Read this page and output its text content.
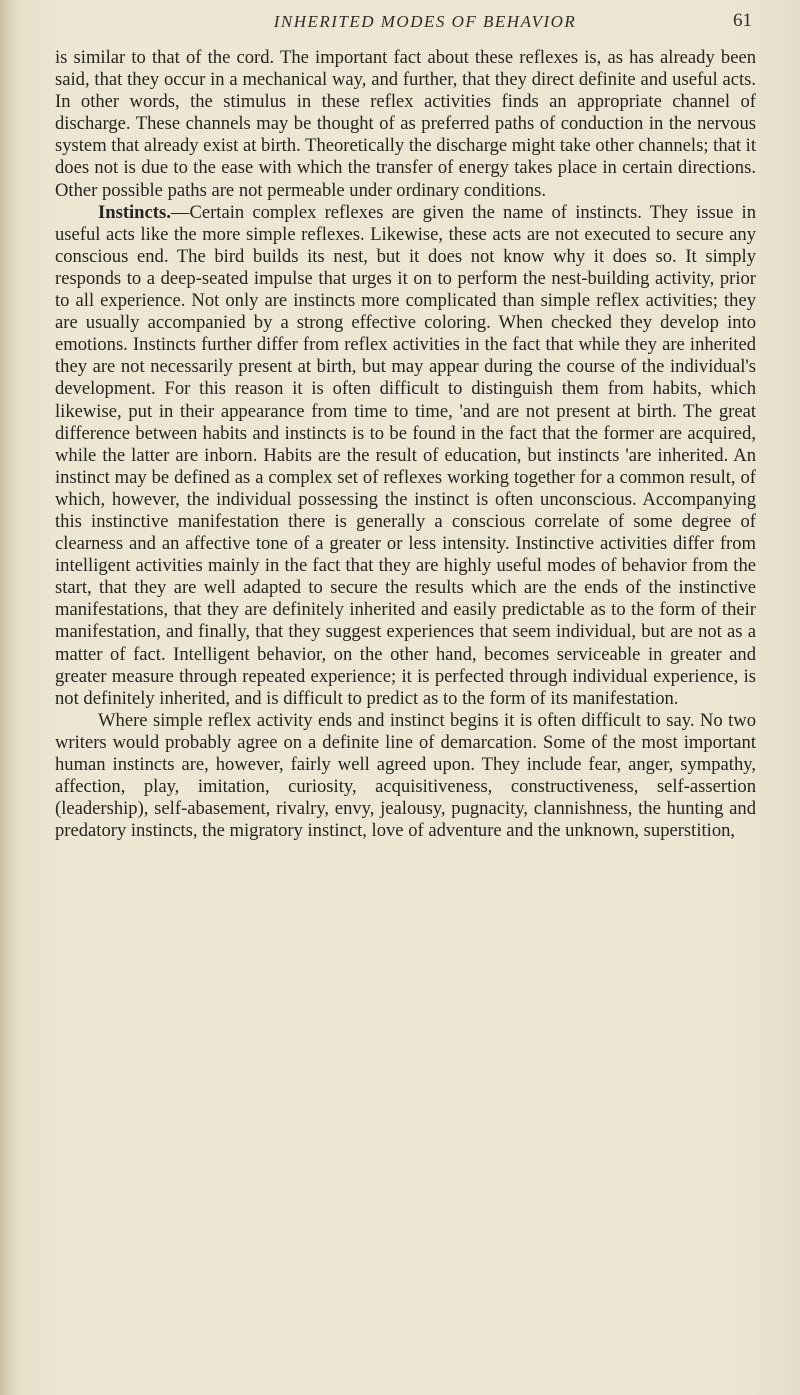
INHERITED MODES OF BEHAVIOR	61

is similar to that of the cord. The important fact about these reflexes is, as has already been said, that they occur in a mechanical way, and further, that they direct definite and useful acts. In other words, the stimulus in these reflex activities finds an appropriate channel of discharge. These channels may be thought of as preferred paths of conduction in the nervous system that already exist at birth. Theoretically the discharge might take other channels; that it does not is due to the ease with which the transfer of energy takes place in certain directions. Other possible paths are not permeable under ordinary conditions.

Instincts.—Certain complex reflexes are given the name of instincts. They issue in useful acts like the more simple reflexes. Likewise, these acts are not executed to secure any conscious end. The bird builds its nest, but it does not know why it does so. It simply responds to a deep-seated impulse that urges it on to perform the nest-building activity, prior to all experience. Not only are instincts more complicated than simple reflex activities; they are usually accompanied by a strong effective coloring. When checked they develop into emotions. Instincts further differ from reflex activities in the fact that while they are inherited they are not necessarily present at birth, but may appear during the course of the individual's development. For this reason it is often difficult to distinguish them from habits, which likewise, put in their appearance from time to time, 'and are not present at birth. The great difference between habits and instincts is to be found in the fact that the former are acquired, while the latter are inborn. Habits are the result of education, but instincts 'are inherited. An instinct may be defined as a complex set of reflexes working together for a common result, of which, however, the individual possessing the instinct is often unconscious. Accompanying this instinctive manifestation there is generally a conscious correlate of some degree of clearness and an affective tone of a greater or less intensity. Instinctive activities differ from intelligent activities mainly in the fact that they are highly useful modes of behavior from the start, that they are well adapted to secure the results which are the ends of the instinctive manifestations, that they are definitely inherited and easily predictable as to the form of their manifestation, and finally, that they suggest experiences that seem individual, but are not as a matter of fact. Intelligent behavior, on the other hand, becomes serviceable in greater and greater measure through repeated experience; it is perfected through individual experience, is not definitely inherited, and is difficult to predict as to the form of its manifestation.

Where simple reflex activity ends and instinct begins it is often difficult to say. No two writers would probably agree on a definite line of demarcation. Some of the most important human instincts are, however, fairly well agreed upon. They include fear, anger, sympathy, affection, play, imitation, curiosity, acquisitiveness, constructiveness, self-assertion (leadership), self-abasement, rivalry, envy, jealousy, pugnacity, clannishness, the hunting and predatory instincts, the migratory instinct, love of adventure and the unknown, superstition,
